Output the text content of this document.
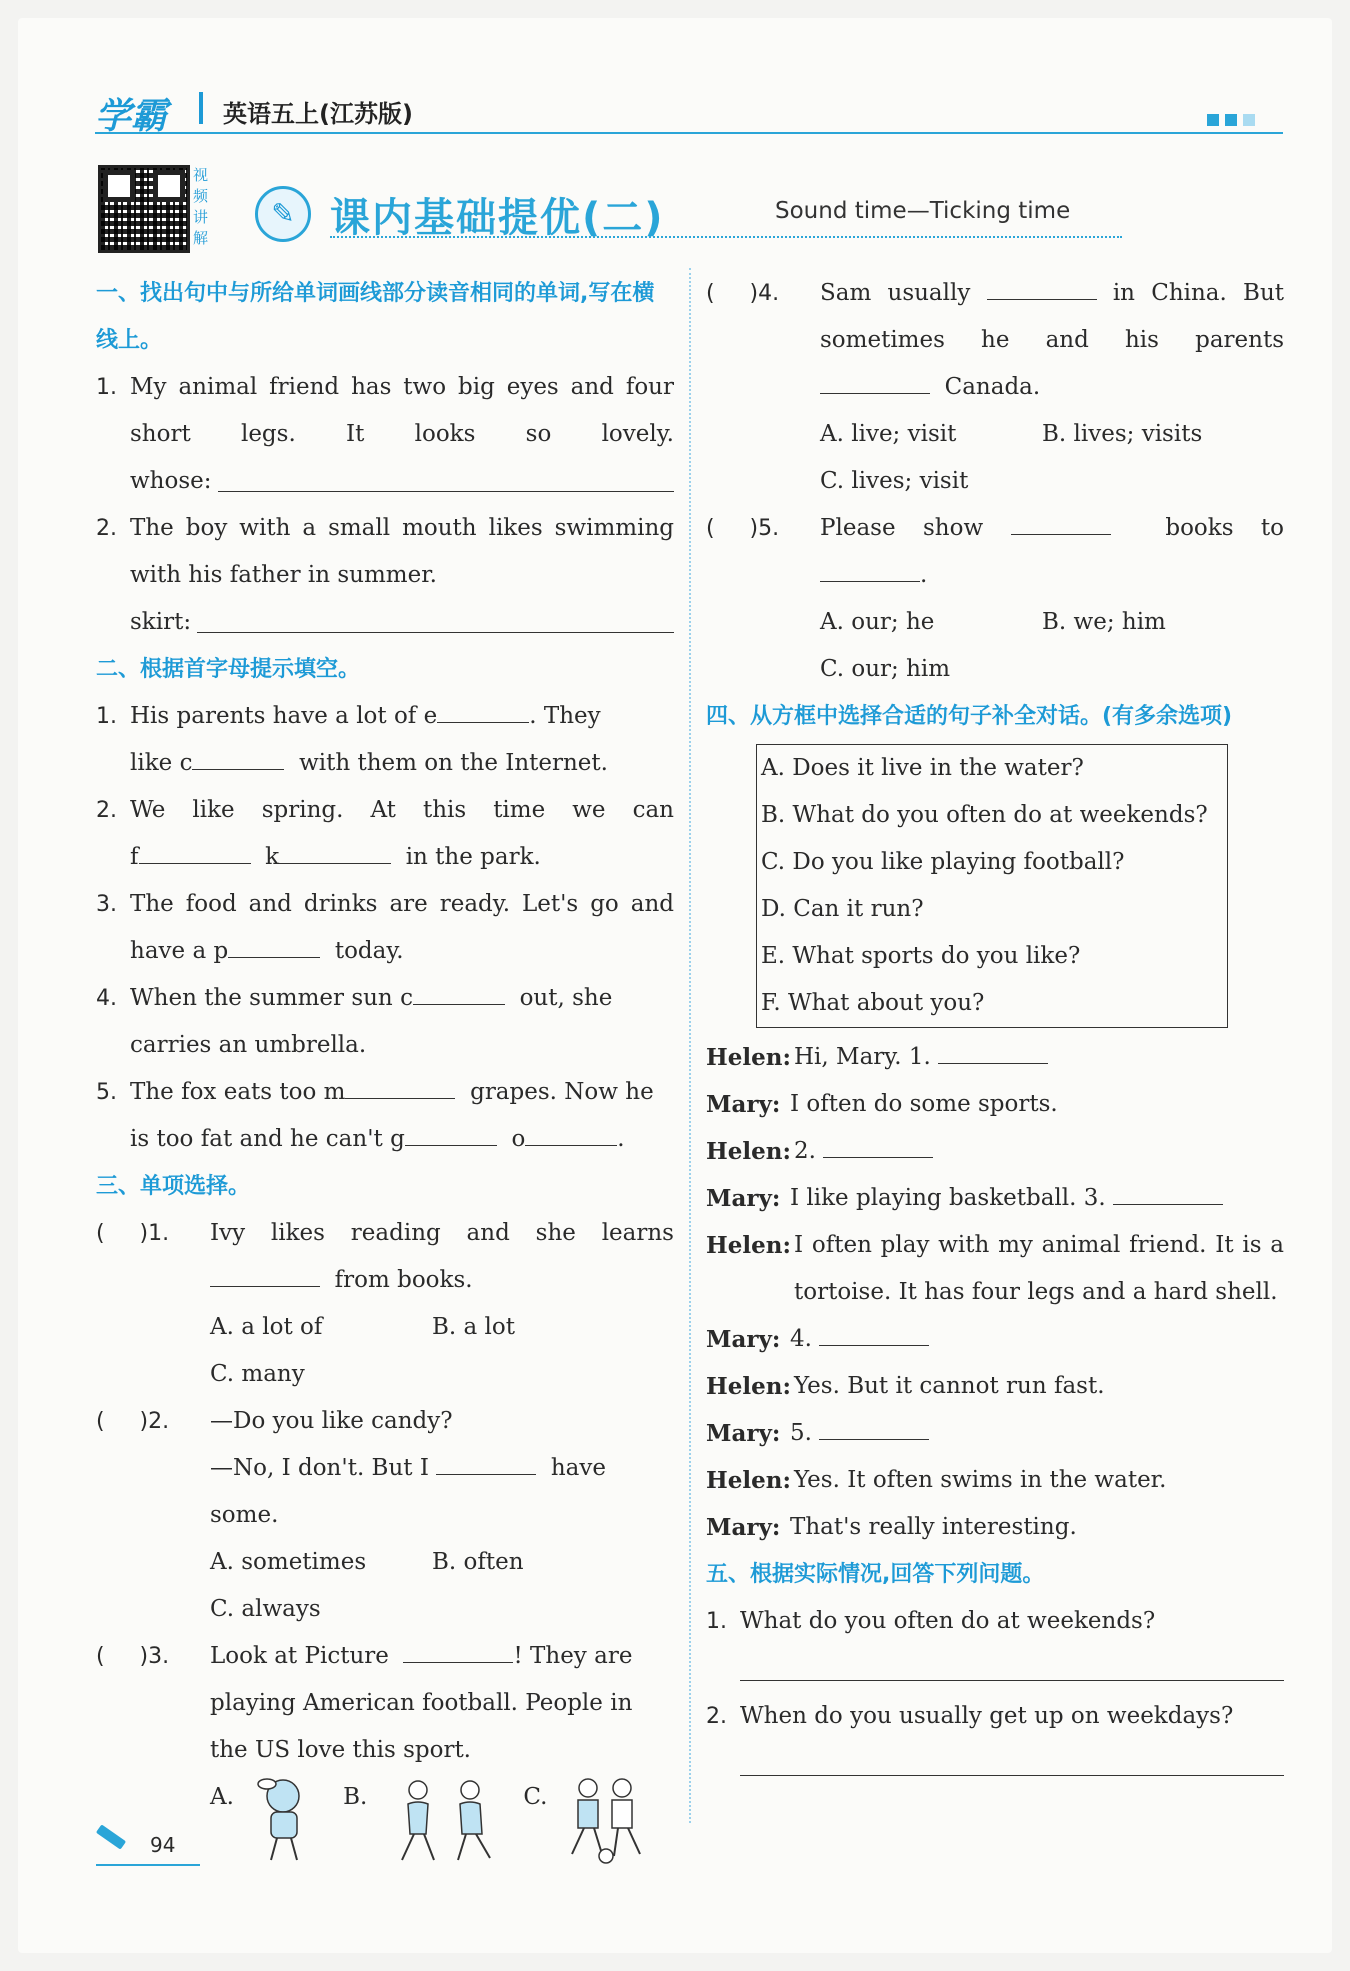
学霸 英语五上(江苏版)
视频讲解
✎ 课内基础提优(二)	Sound time—Ticking time
一、找出句中与所给单词画线部分读音相同的单词,写在横线上。
1. My animal friend has two big eyes and four short legs. It looks so lovely.
whose:
2. The boy with a small mouth likes swimming with his father in summer.
skirt:
二、根据首字母提示填空。
1. His parents have a lot of e	. They
like c	with them on the Internet.
2. We like spring. At this time we can
f	k	in the park.
3. The food and drinks are ready. Let's go and
have a p	today.
4. When the summer sun c	out, she
carries an umbrella.
5. The fox eats too m	grapes. Now he
is too fat and he can't g	o	.
三、单项选择。
(     )1.	Ivy likes reading and she learns
from books.
A. a lot of	B. a lot
C. many
(     )2.	—Do you like candy?
—No, I don't. But I	have some.
A. sometimes	B. often
C. always
(     )3.	Look at Picture	! They are
playing American football. People in
the US love this sport.
A.	B.	C.
(     )4.	Sam usually	in China. But
sometimes he and his parents
Canada.
A. live; visit	B. lives; visits
C. lives; visit
(     )5.	Please show	books to .
A. our; he	B. we; him
C. our; him
四、从方框中选择合适的句子补全对话。(有多余选项)
A. Does it live in the water?
B. What do you often do at weekends?
C. Do you like playing football?
D. Can it run?
E. What sports do you like?
F. What about you?
Helen: Hi, Mary. 1.
Mary: I often do some sports.
Helen: 2.
Mary: I like playing basketball. 3.
Helen: I often play with my animal friend. It is a tortoise. It has four legs and a hard shell.
Mary: 4.
Helen: Yes. But it cannot run fast.
Mary: 5.
Helen: Yes. It often swims in the water.
Mary: That's really interesting.
五、根据实际情况,回答下列问题。
1. What do you often do at weekends?
2. When do you usually get up on weekdays?
94
